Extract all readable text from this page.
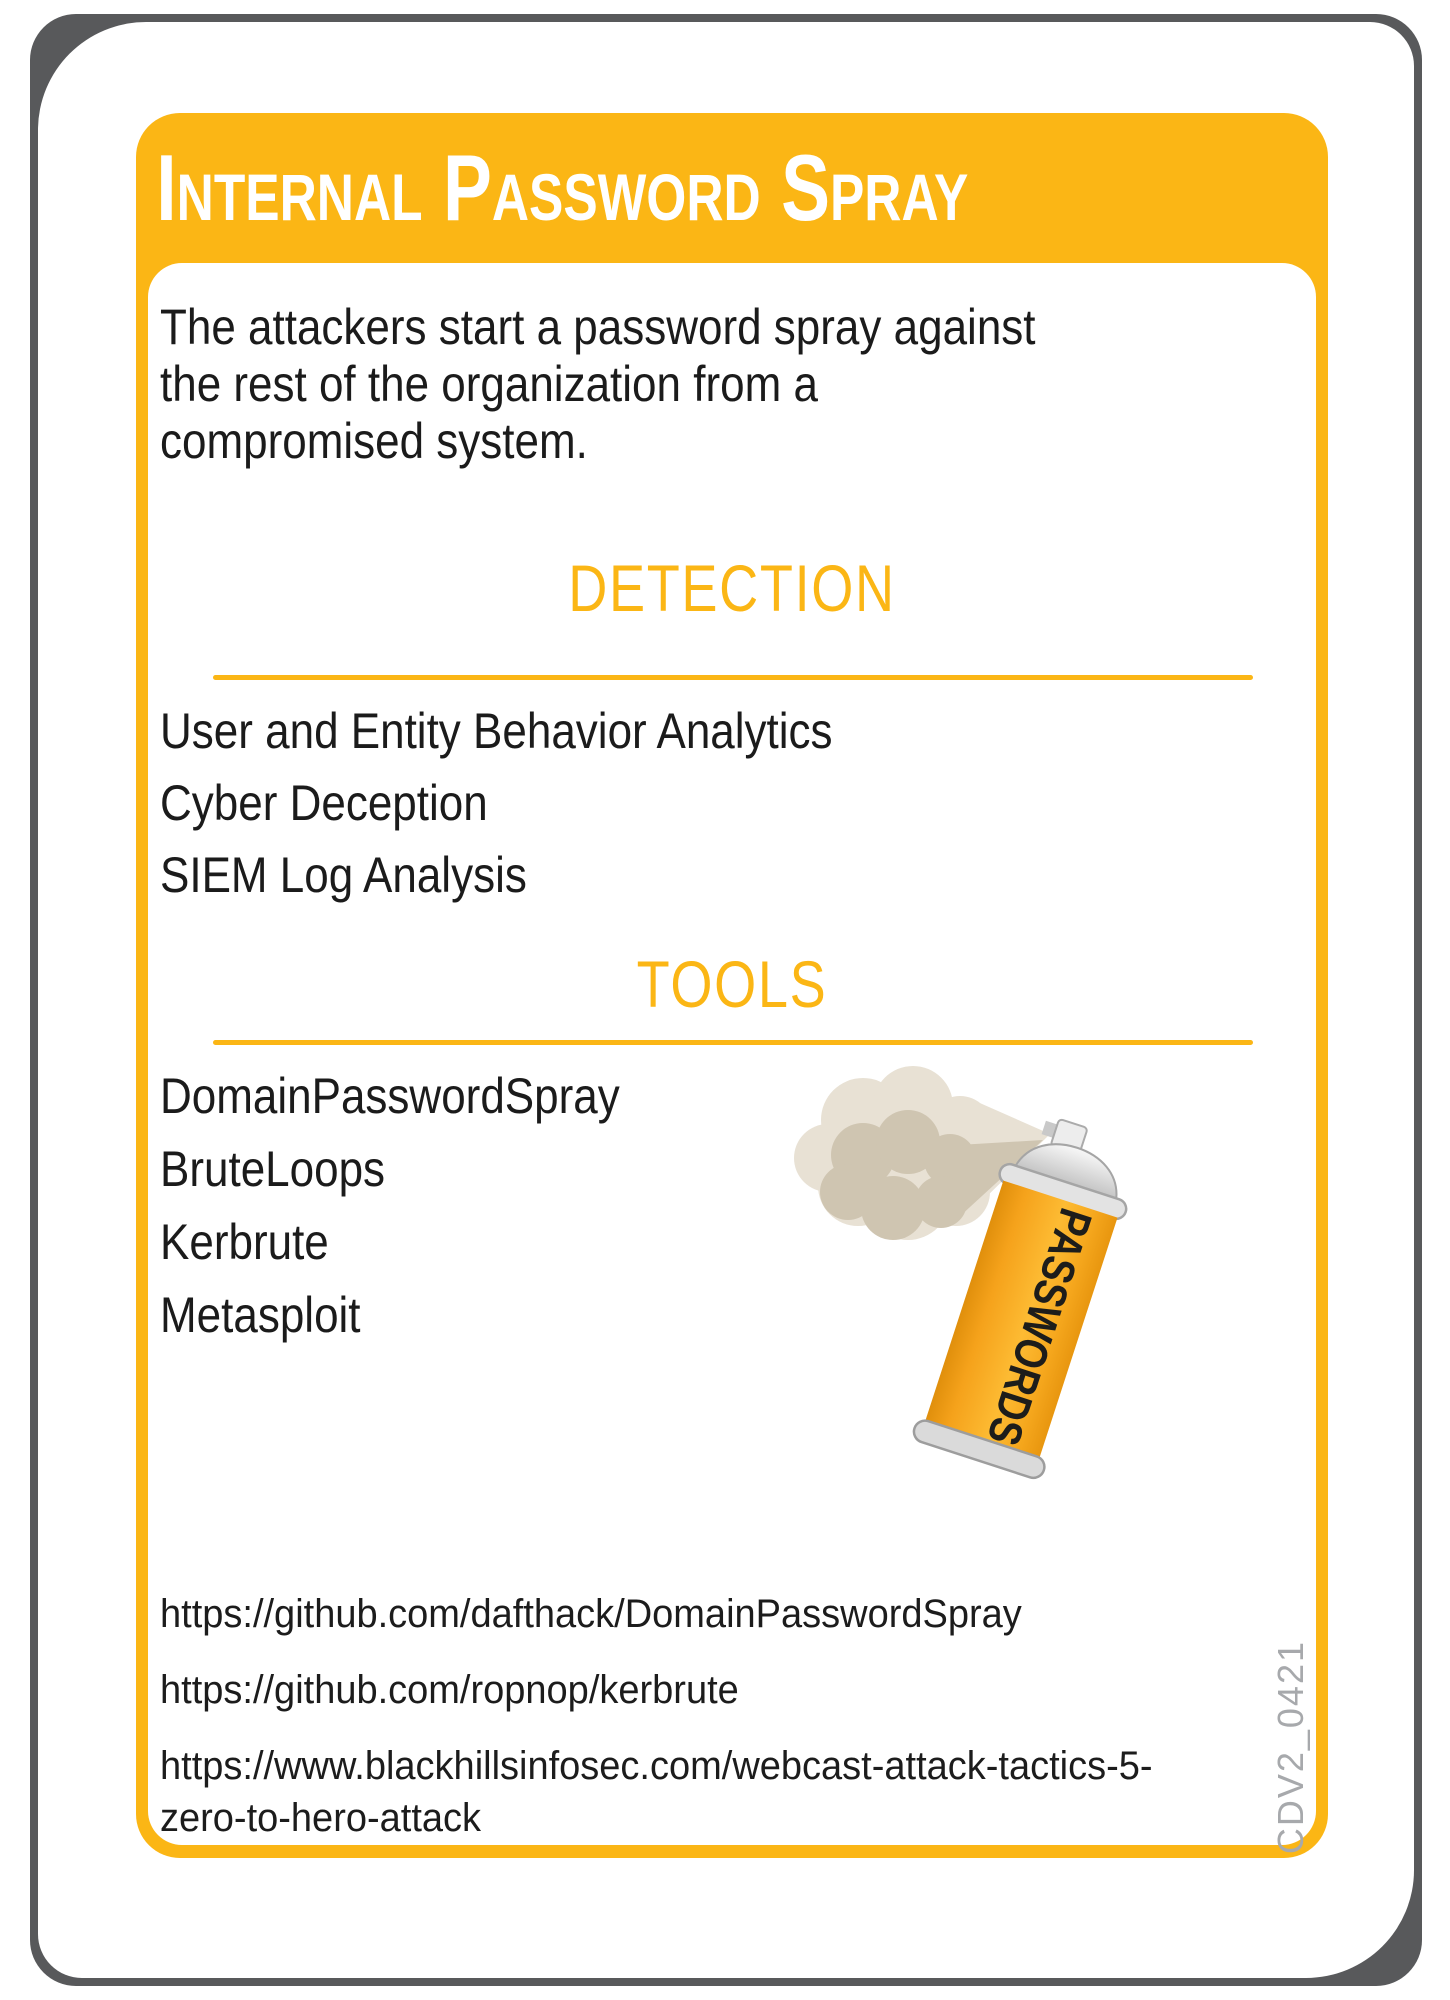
Internal Password Spray
The attackers start a password spray against
the rest of the organization from a
compromised system.
DETECTION
User and Entity Behavior Analytics
Cyber Deception
SIEM Log Analysis
TOOLS
DomainPasswordSpray
BruteLoops
Kerbrute
Metasploit	PASSWORDS
https://github.com/dafthack/DomainPasswordSpray
https://github.com/ropnop/kerbrute
https://www.blackhillsinfosec.com/webcast-attack-tactics-5-zero-to-hero-attack	CDV2_0421
